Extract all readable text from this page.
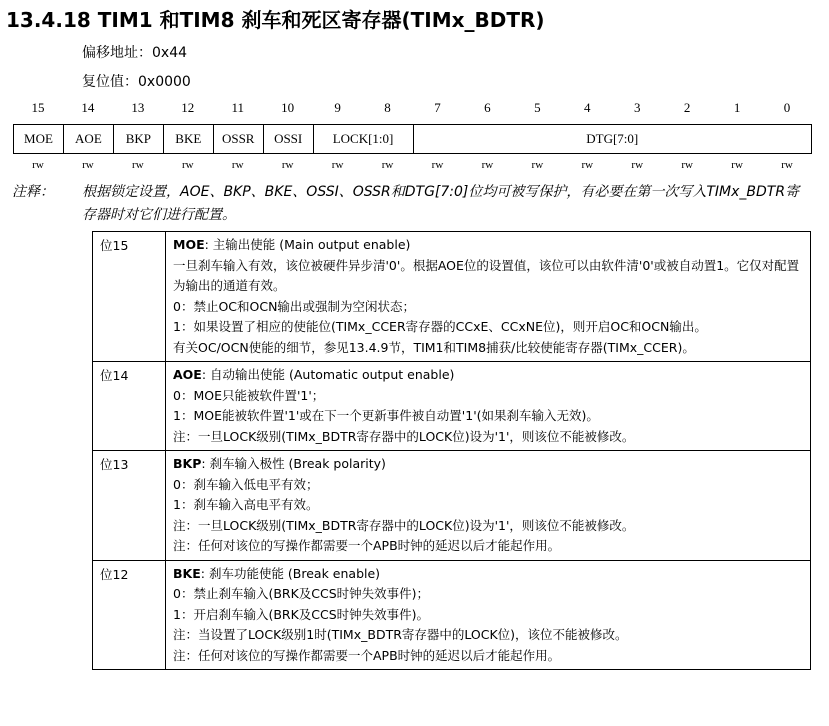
13.4.18 TIM1 和TIM8 刹车和死区寄存器(TIMx_BDTR)
偏移地址：0x44
复位值：0x0000
15	14	13	12	11	10	9	8	7	6	5	4	3	2	1	0
MOE	AOE	BKP	BKE	OSSR	OSSI	LOCK[1:0]	DTG[7:0]
rw	rw	rw	rw	rw	rw	rw	rw	rw	rw	rw	rw	rw	rw	rw	rw
注释： 根据锁定设置，AOE、BKP、BKE、OSSI、OSSR和DTG[7:0]位均可被写保护，有必要在第一次写入TIMx_BDTR寄存器时对它们进行配置。
位15	MOE: 主输出使能 (Main output enable)
一旦刹车输入有效，该位被硬件异步清'0'。根据AOE位的设置值，该位可以由软件清'0'或被自动置1。它仅对配置为输出的通道有效。
0：禁止OC和OCN输出或强制为空闲状态；
1：如果设置了相应的使能位(TIMx_CCER寄存器的CCxE、CCxNE位)，则开启OC和OCN输出。
有关OC/OCN使能的细节，参见13.4.9节，TIM1和TIM8捕获/比较使能寄存器(TIMx_CCER)。

位14	AOE: 自动输出使能 (Automatic output enable)
0：MOE只能被软件置'1'；
1：MOE能被软件置'1'或在下一个更新事件被自动置'1'(如果刹车输入无效)。
注：一旦LOCK级别(TIMx_BDTR寄存器中的LOCK位)设为'1'，则该位不能被修改。

位13	BKP: 刹车输入极性 (Break polarity)
0：刹车输入低电平有效；
1：刹车输入高电平有效。
注：一旦LOCK级别(TIMx_BDTR寄存器中的LOCK位)设为'1'，则该位不能被修改。
注：任何对该位的写操作都需要一个APB时钟的延迟以后才能起作用。

位12	BKE: 刹车功能使能 (Break enable)
0：禁止刹车输入(BRK及CCS时钟失效事件)；
1：开启刹车输入(BRK及CCS时钟失效事件)。
注：当设置了LOCK级别1时(TIMx_BDTR寄存器中的LOCK位)，该位不能被修改。
注：任何对该位的写操作都需要一个APB时钟的延迟以后才能起作用。
